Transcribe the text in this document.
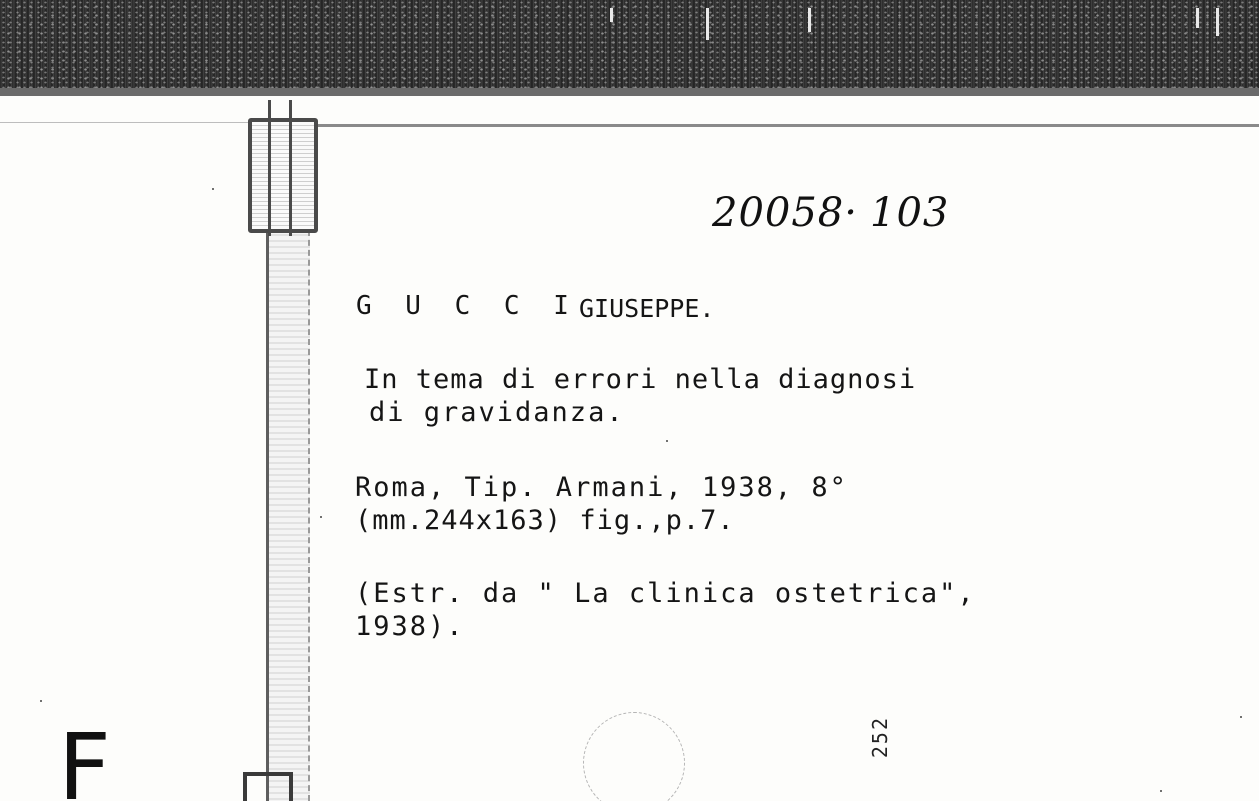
20058· 103
G U C C I GIUSEPPE.
In tema di errori nella diagnosi
di gravidanza.
Roma, Tip. Armani, 1938, 8°
(mm.244x163) fig.,p.7.
(Estr. da " La clinica ostetrica",
1938).
F	252
